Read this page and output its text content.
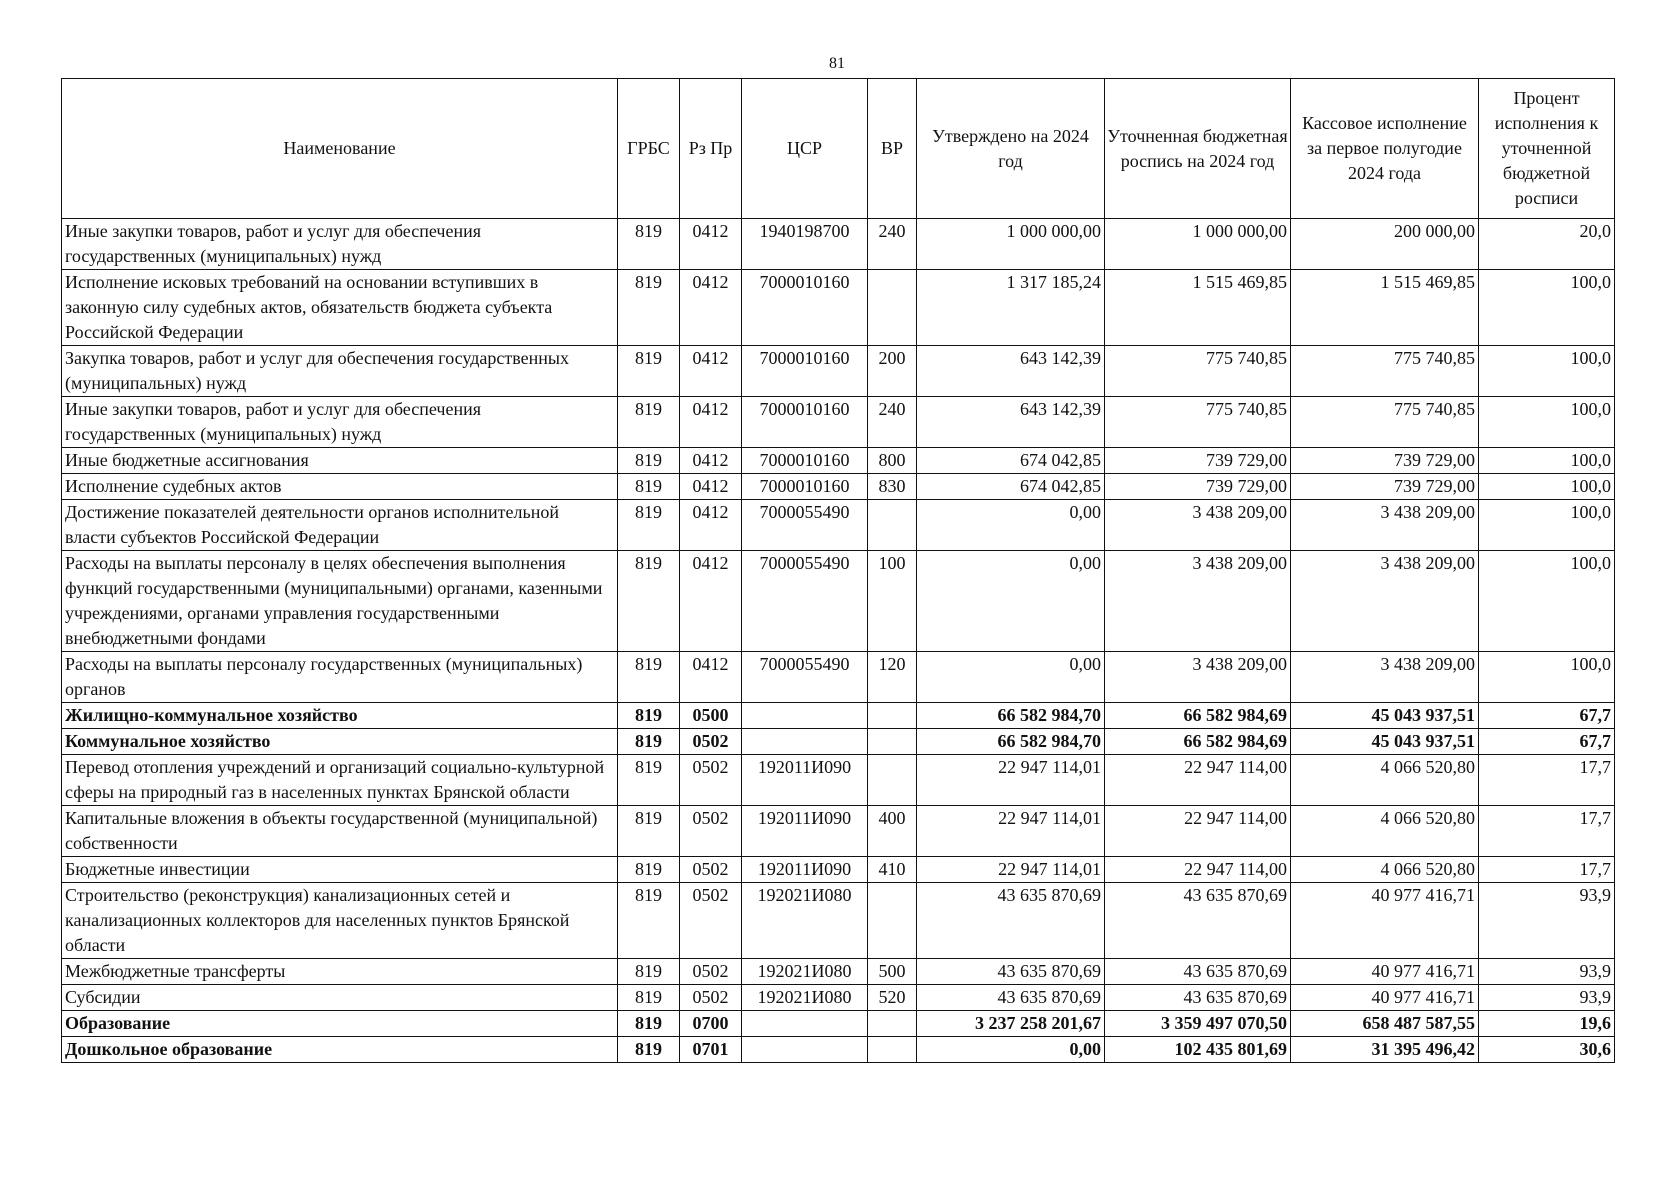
81
Наименование	ГРБС	Рз Пр	ЦСР	ВР	Утверждено на 2024 год	Уточненная бюджетная роспись на 2024 год	Кассовое исполнение за первое полугодие 2024 года	Процент исполнения к уточненной бюджетной росписи
Иные закупки товаров, работ и услуг для обеспечения государственных (муниципальных) нужд	819	0412	1940198700	240	1 000 000,00	1 000 000,00	200 000,00	20,0
Исполнение исковых требований на основании вступивших в законную силу судебных актов, обязательств бюджета субъекта Российской Федерации	819	0412	7000010160		1 317 185,24	1 515 469,85	1 515 469,85	100,0
Закупка товаров, работ и услуг для обеспечения государственных (муниципальных) нужд	819	0412	7000010160	200	643 142,39	775 740,85	775 740,85	100,0
Иные закупки товаров, работ и услуг для обеспечения государственных (муниципальных) нужд	819	0412	7000010160	240	643 142,39	775 740,85	775 740,85	100,0
Иные бюджетные ассигнования	819	0412	7000010160	800	674 042,85	739 729,00	739 729,00	100,0
Исполнение судебных актов	819	0412	7000010160	830	674 042,85	739 729,00	739 729,00	100,0
Достижение показателей деятельности органов исполнительной власти субъектов Российской Федерации	819	0412	7000055490		0,00	3 438 209,00	3 438 209,00	100,0
Расходы на выплаты персоналу в целях обеспечения выполнения функций государственными (муниципальными) органами, казенными учреждениями, органами управления государственными внебюджетными фондами	819	0412	7000055490	100	0,00	3 438 209,00	3 438 209,00	100,0
Расходы на выплаты персоналу государственных (муниципальных) органов	819	0412	7000055490	120	0,00	3 438 209,00	3 438 209,00	100,0
Жилищно-коммунальное хозяйство	819	0500			66 582 984,70	66 582 984,69	45 043 937,51	67,7
Коммунальное хозяйство	819	0502			66 582 984,70	66 582 984,69	45 043 937,51	67,7
Перевод отопления учреждений и организаций социально-культурной сферы на природный газ в населенных пунктах Брянской области	819	0502	192011И090		22 947 114,01	22 947 114,00	4 066 520,80	17,7
Капитальные вложения в объекты государственной (муниципальной) собственности	819	0502	192011И090	400	22 947 114,01	22 947 114,00	4 066 520,80	17,7
Бюджетные инвестиции	819	0502	192011И090	410	22 947 114,01	22 947 114,00	4 066 520,80	17,7
Строительство (реконструкция) канализационных сетей и канализационных коллекторов для населенных пунктов Брянской области	819	0502	192021И080		43 635 870,69	43 635 870,69	40 977 416,71	93,9
Межбюджетные трансферты	819	0502	192021И080	500	43 635 870,69	43 635 870,69	40 977 416,71	93,9
Субсидии	819	0502	192021И080	520	43 635 870,69	43 635 870,69	40 977 416,71	93,9
Образование	819	0700			3 237 258 201,67	3 359 497 070,50	658 487 587,55	19,6
Дошкольное образование	819	0701			0,00	102 435 801,69	31 395 496,42	30,6
